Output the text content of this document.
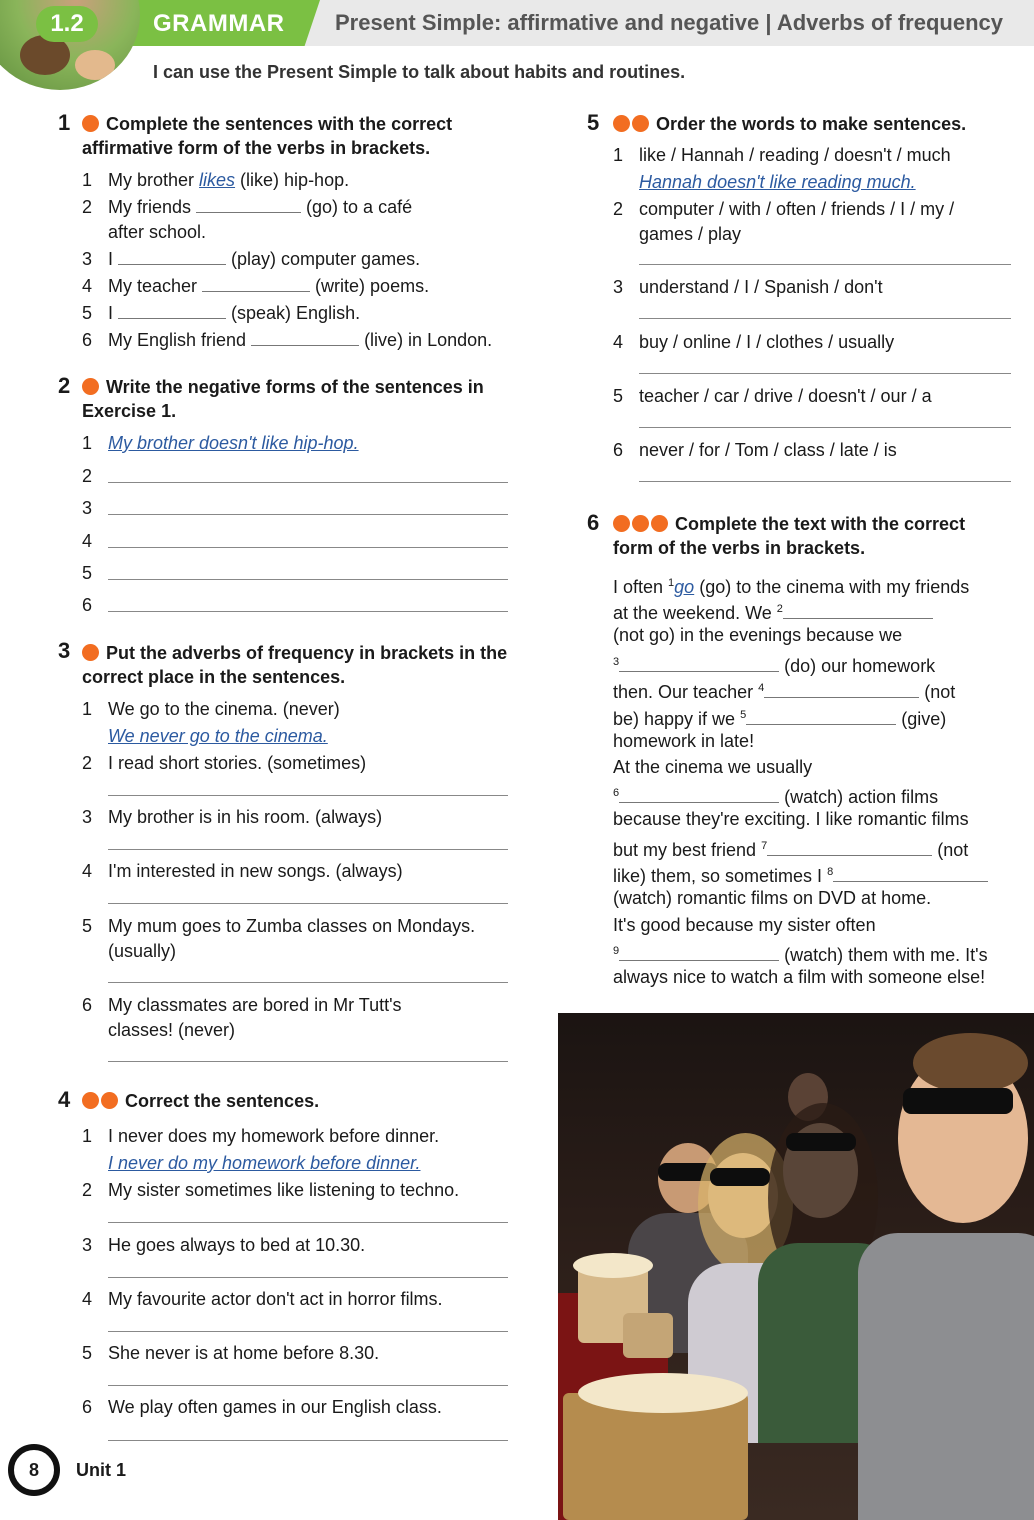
1.2	GRAMMAR Present Simple: affirmative and negative | Adverbs of frequency
I can use the Present Simple to talk about habits and routines.
1	Complete the sentences with the correct
affirmative form of the verbs in brackets.
1 My brother likes (like) hip-hop.
2 My friends	(go) to a café
after school.
3 I	(play) computer games.
4 My teacher	(write) poems.
5 I	(speak) English.
6 My English friend	(live) in London.
2	Write the negative forms of the sentences in
Exercise 1.
1 My brother doesn't like hip-hop.
2
3
4
5
6
3	Put the adverbs of frequency in brackets in the
correct place in the sentences.
1 We go to the cinema. (never)
We never go to the cinema.
2 I read short stories. (sometimes)
3 My brother is in his room. (always)
4 I'm interested in new songs. (always)
5 My mum goes to Zumba classes on Mondays.
(usually)
6 My classmates are bored in Mr Tutt's
classes! (never)
4	Correct the sentences.
1 I never does my homework before dinner.
I never do my homework before dinner.
2 My sister sometimes like listening to techno.
3 He goes always to bed at 10.30.
4 My favourite actor don't act in horror films.
5 She never is at home before 8.30.
6 We play often games in our English class.
5	Order the words to make sentences.
1 like / Hannah / reading / doesn't / much
Hannah doesn't like reading much.
2 computer / with / often / friends / I / my /
games / play
3 understand / I / Spanish / don't
4 buy / online / I / clothes / usually
5 teacher / car / drive / doesn't / our / a
6 never / for / Tom / class / late / is
6	Complete the text with the correct
form of the verbs in brackets.
I often $^1$go (go) to the cinema with my friends
at the weekend. We $^2$
(not go) in the evenings because we
$^3$	(do) our homework
then. Our teacher $^4$	(not
be) happy if we $^5$	(give)
homework in late!
At the cinema we usually
$^6$	(watch) action films
because they're exciting. I like romantic films
but my best friend $^7$	(not
like) them, so sometimes I $^8$
(watch) romantic films on DVD at home.
It's good because my sister often
$^9$	(watch) them with me. It's
always nice to watch a film with someone else!
8	Unit 1
